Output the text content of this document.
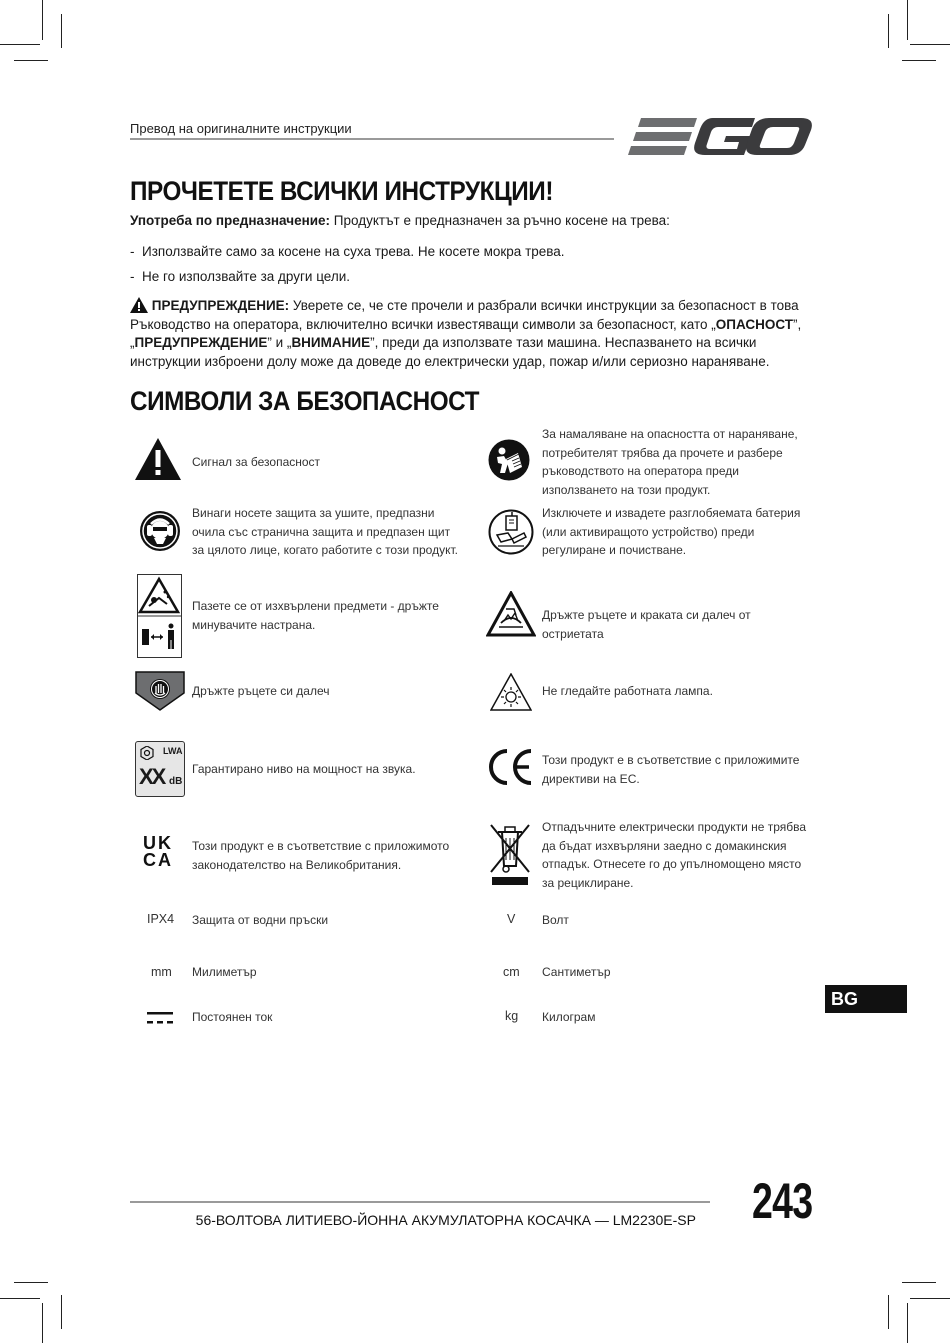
Превод на оригиналните инструкции
ПРОЧЕТЕТЕ ВСИЧКИ ИНСТРУКЦИИ!
Употреба по предназначение: Продуктът е предназначен за ръчно косене на трева:
- Използвайте само за косене на суха трева. Не косете мокра трева.
- Не го използвайте за други цели.
ПРЕДУПРЕЖДЕНИЕ: Уверете се, че сте прочели и разбрали всички инструкции за безопасност в това Ръководство на оператора, включително всички известяващи символи за безопасност, като „ОПАСНОСТ”, „ПРЕДУПРЕЖДЕНИЕ” и „ВНИМАНИЕ”, преди да използвате тази машина. Неспазването на всички инструкции изброени долу може да доведе до електрически удар, пожар и/или сериозно нараняване.
СИМВОЛИ ЗА БЕЗОПАСНОСТ
Сигнал за безопасност
Винаги носете защита за ушите, предпазни очила със странична защита и предпазен щит за цялото лице, когато работите с този продукт.
Пазете се от изхвърлени предмети - дръжте минувачите настрана.
Дръжте ръцете си далеч
LWA
XX dB
Гарантирано ниво на мощност на звука.
UK
CA
Този продукт е в съответствие с приложимото законодателство на Великобритания.
IPX4 Защита от водни пръски
mm Милиметър
Постоянен ток
За намаляване на опасността от нараняване, потребителят трябва да прочете и разбере ръководството на оператора преди използването на този продукт.
Изключете и извадете разглобяемата батерия (или активиращото устройство) преди регулиране и почистване.
Дръжте ръцете и краката си далеч от остриетата
Не гледайте работната лампа.
Този продукт е в съответствие с приложимите директиви на ЕС.
Отпадъчните електрически продукти не трябва да бъдат изхвърляни заедно с домакинския отпадък. Отнесете го до упълномощено място за рециклиране.
V Волт
cm Сантиметър
kg Килограм
BG
56-ВОЛТОВА ЛИТИЕВО-ЙОННА АКУМУЛАТОРНА КОСАЧКА — LM2230E-SP 243
